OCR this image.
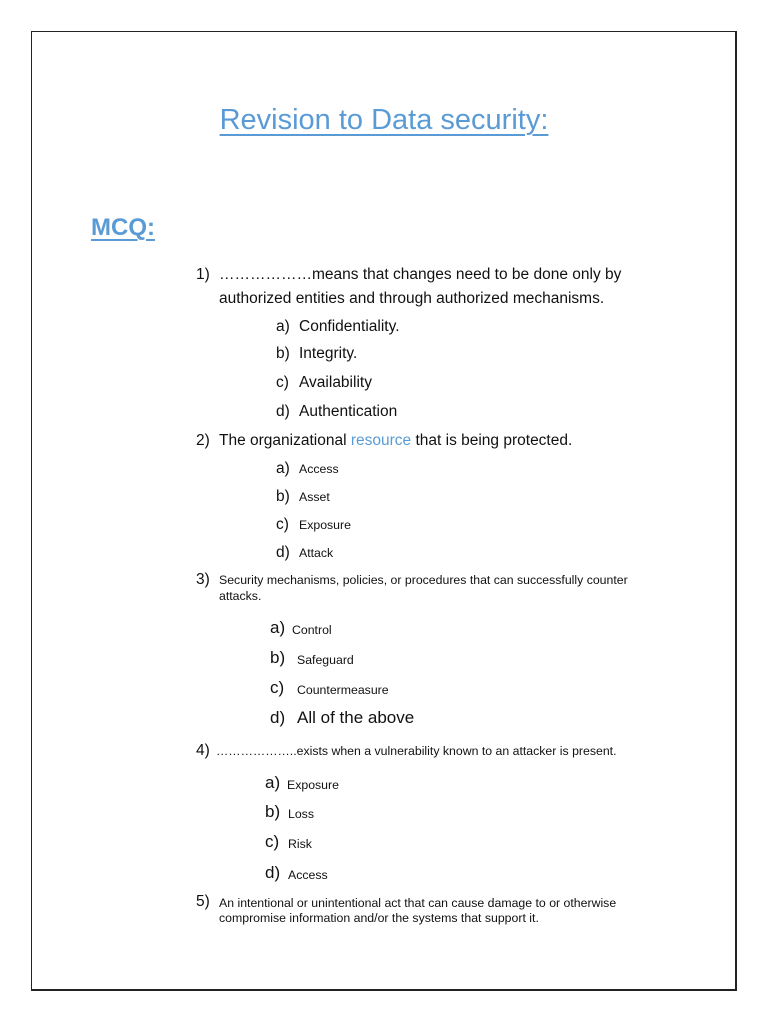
Revision to Data security:
MCQ:
1) ………………means that changes need to be done only by
authorized entities and through authorized mechanisms.
a) Confidentiality.
b) Integrity.
c) Availability
d) Authentication
2) The organizational resource that is being protected.
a) Access
b) Asset
c) Exposure
d) Attack
3) Security mechanisms, policies, or procedures that can successfully counter
attacks.
a) Control
b) Safeguard
c) Countermeasure
d) All of the above
4) ………………..exists when a vulnerability known to an attacker is present.
a) Exposure
b) Loss
c) Risk
d) Access
5) An intentional or unintentional act that can cause damage to or otherwise
compromise information and/or the systems that support it.
